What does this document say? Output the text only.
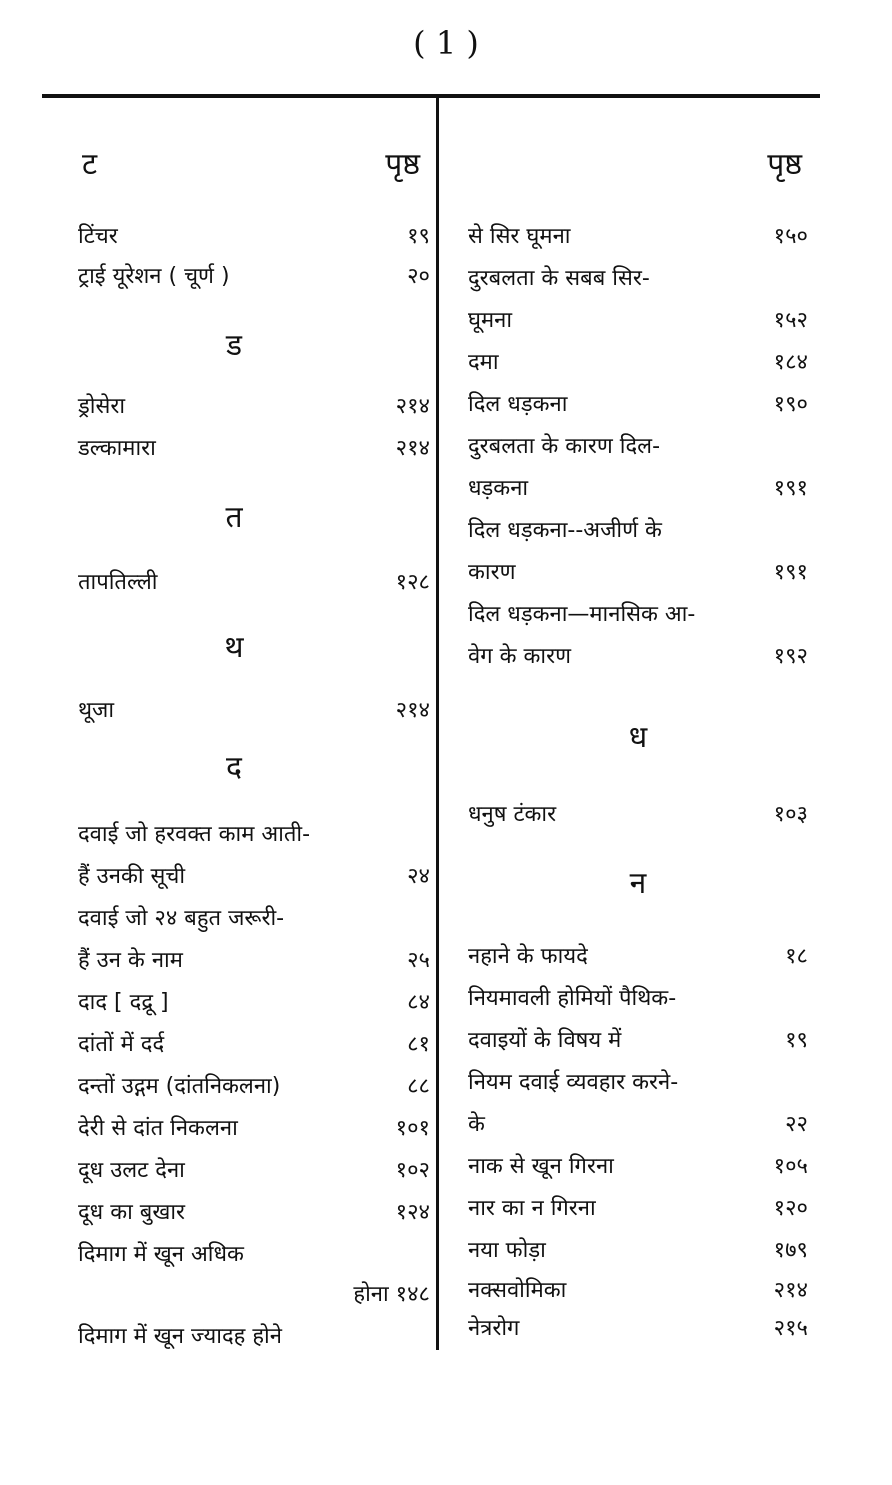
( 1 )
ट	पृष्ठ
टिंचर	१९
ट्राई यूरेशन ( चूर्ण )	२०
ड
ड्रोसेरा	२१४
डल्कामारा	२१४
त
तापतिल्ली	१२८
थ
थूजा	२१४
द
दवाई जो हरवक्त काम आती-
हैं उनकी सूची	२४
दवाई जो २४ बहुत जरूरी-
हैं उन के नाम	२५
दाद [ दद्रू ]	८४
दांतों में दर्द	८१
दन्तों उद्गम (दांतनिकलना)	८८
देरी से दांत निकलना	१०१
दूध उलट देना	१०२
दूध का बुखार	१२४
दिमाग में खून अधिक
होना १४८
दिमाग में खून ज्यादह होने
पृष्ठ
से सिर घूमना	१५०
दुरबलता के सबब सिर-
घूमना	१५२
दमा	१८४
दिल धड़कना	१९०
दुरबलता के कारण दिल-
धड़कना	१९१
दिल धड़कना--अजीर्ण के
कारण	१९१
दिल धड़कना—मानसिक आ-
वेग के कारण	१९२
ध
धनुष टंकार	१०३
न
नहाने के फायदे	१८
नियमावली होमियों पैथिक-
दवाइयों के विषय में	१९
नियम दवाई व्यवहार करने-
के	२२
नाक से खून गिरना	१०५
नार का न गिरना	१२०
नया फोड़ा	१७९
नक्सवोमिका	२१४
नेत्ररोग	२१५
